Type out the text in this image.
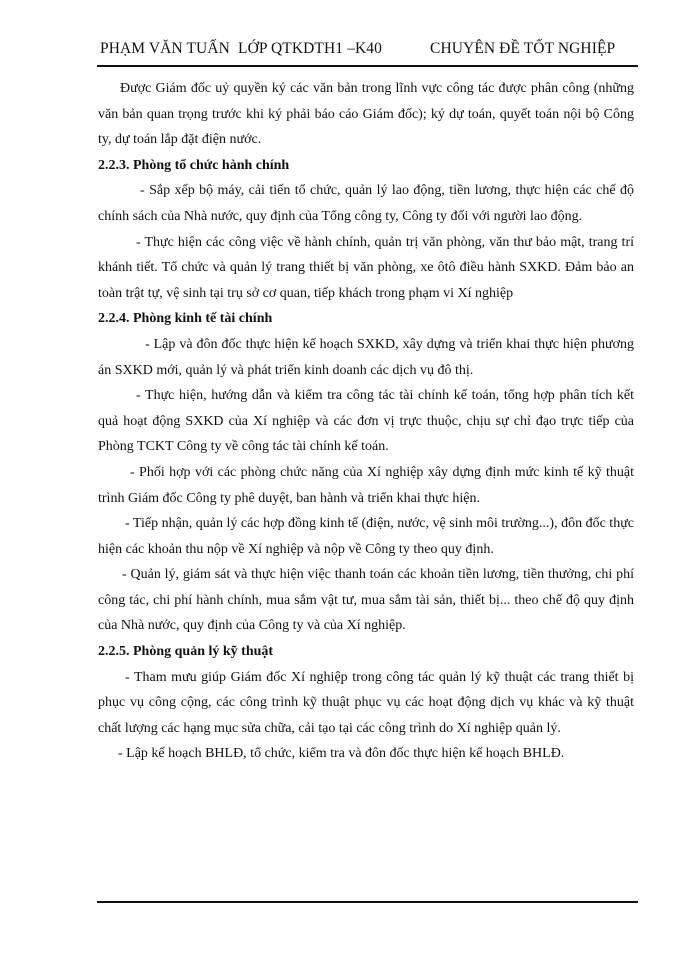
PHẠM VĂN TUẤN LỚP QTKDTH1 –K40	CHUYÊN ĐỀ TỐT NGHIỆP

Được Giám đốc uỷ quyền ký các văn bản trong lĩnh vực công tác được phân công (những văn bản quan trọng trước khi ký phải báo cáo Giám đốc); ký dự toán, quyết toán nội bộ Công ty, dự toán lắp đặt điện nước.

2.2.3. Phòng tổ chức hành chính

- Sắp xếp bộ máy, cải tiến tổ chức, quản lý lao động, tiền lương, thực hiện các chế độ chính sách của Nhà nước, quy định của Tổng công ty, Công ty đối với người lao động.

- Thực hiện các công việc về hành chính, quản trị văn phòng, văn thư bảo mật, trang trí khánh tiết. Tổ chức và quản lý trang thiết bị văn phòng, xe ôtô điều hành SXKD. Đảm bảo an toàn trật tự, vệ sinh tại trụ sở cơ quan, tiếp khách trong phạm vi Xí nghiệp

2.2.4. Phòng kinh tế tài chính

- Lập và đôn đốc thực hiện kế hoạch SXKD, xây dựng và triển khai thực hiện phương án SXKD mới, quản lý và phát triển kinh doanh các dịch vụ đô thị.

- Thực hiện, hướng dẫn và kiểm tra công tác tài chính kế toán, tổng hợp phân tích kết quả hoạt động SXKD của Xí nghiệp và các đơn vị trực thuộc, chịu sự chỉ đạo trực tiếp của Phòng TCKT Công ty về công tác tài chính kế toán.

- Phối hợp với các phòng chức năng của Xí nghiệp xây dựng định mức kinh tế kỹ thuật trình Giám đốc Công ty phê duyệt, ban hành và triển khai thực hiện.

- Tiếp nhận, quản lý các hợp đồng kinh tế (điện, nước, vệ sinh môi trường...), đôn đốc thực hiện các khoản thu nộp về Xí nghiệp và nộp về Công ty theo quy định.

- Quản lý, giám sát và thực hiện việc thanh toán các khoản tiền lương, tiền thưởng, chi phí công tác, chi phí hành chính, mua sắm vật tư, mua sắm tài sản, thiết bị... theo chế độ quy định của Nhà nước, quy định của Công ty và của Xí nghiệp.

2.2.5. Phòng quản lý kỹ thuật

- Tham mưu giúp Giám đốc Xí nghiệp trong công tác quản lý kỹ thuật các trang thiết bị phục vụ công cộng, các công trình kỹ thuật phục vụ các hoạt động dịch vụ khác và kỹ thuật chất lượng các hạng mục sửa chữa, cải tạo tại các công trình do Xí nghiệp quản lý.

- Lập kế hoạch BHLĐ, tổ chức, kiểm tra và đôn đốc thực hiện kế hoạch BHLĐ.
